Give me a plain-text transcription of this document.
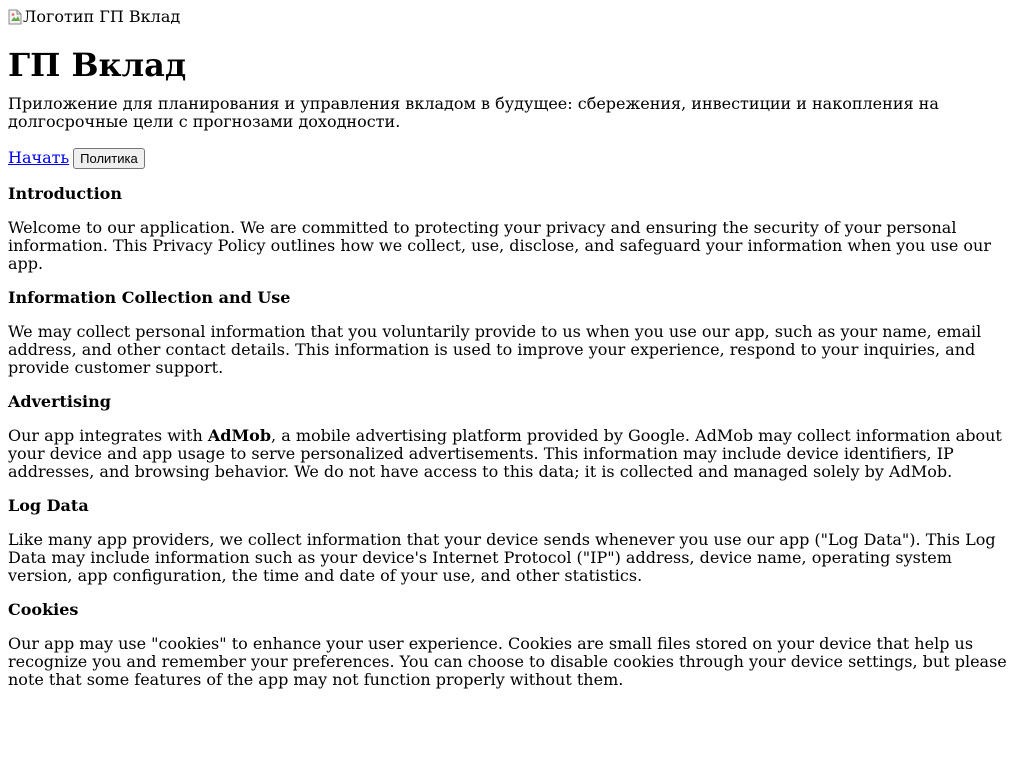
Логотип ГП Вклад
ГП Вклад

Приложение для планирования и управления вкладом в будущее: сбережения, инвестиции и накопления на долгосрочные цели с прогнозами доходности.

Начать Политика

Introduction

Welcome to our application. We are committed to protecting your privacy and ensuring the security of your personal information. This Privacy Policy outlines how we collect, use, disclose, and safeguard your information when you use our app.

Information Collection and Use

We may collect personal information that you voluntarily provide to us when you use our app, such as your name, email address, and other contact details. This information is used to improve your experience, respond to your inquiries, and provide customer support.

Advertising

Our app integrates with AdMob, a mobile advertising platform provided by Google. AdMob may collect information about your device and app usage to serve personalized advertisements. This information may include device identifiers, IP addresses, and browsing behavior. We do not have access to this data; it is collected and managed solely by AdMob.

Log Data

Like many app providers, we collect information that your device sends whenever you use our app ("Log Data"). This Log Data may include information such as your device's Internet Protocol ("IP") address, device name, operating system version, app configuration, the time and date of your use, and other statistics.

Cookies

Our app may use "cookies" to enhance your user experience. Cookies are small files stored on your device that help us recognize you and remember your preferences. You can choose to disable cookies through your device settings, but please note that some features of the app may not function properly without them.
